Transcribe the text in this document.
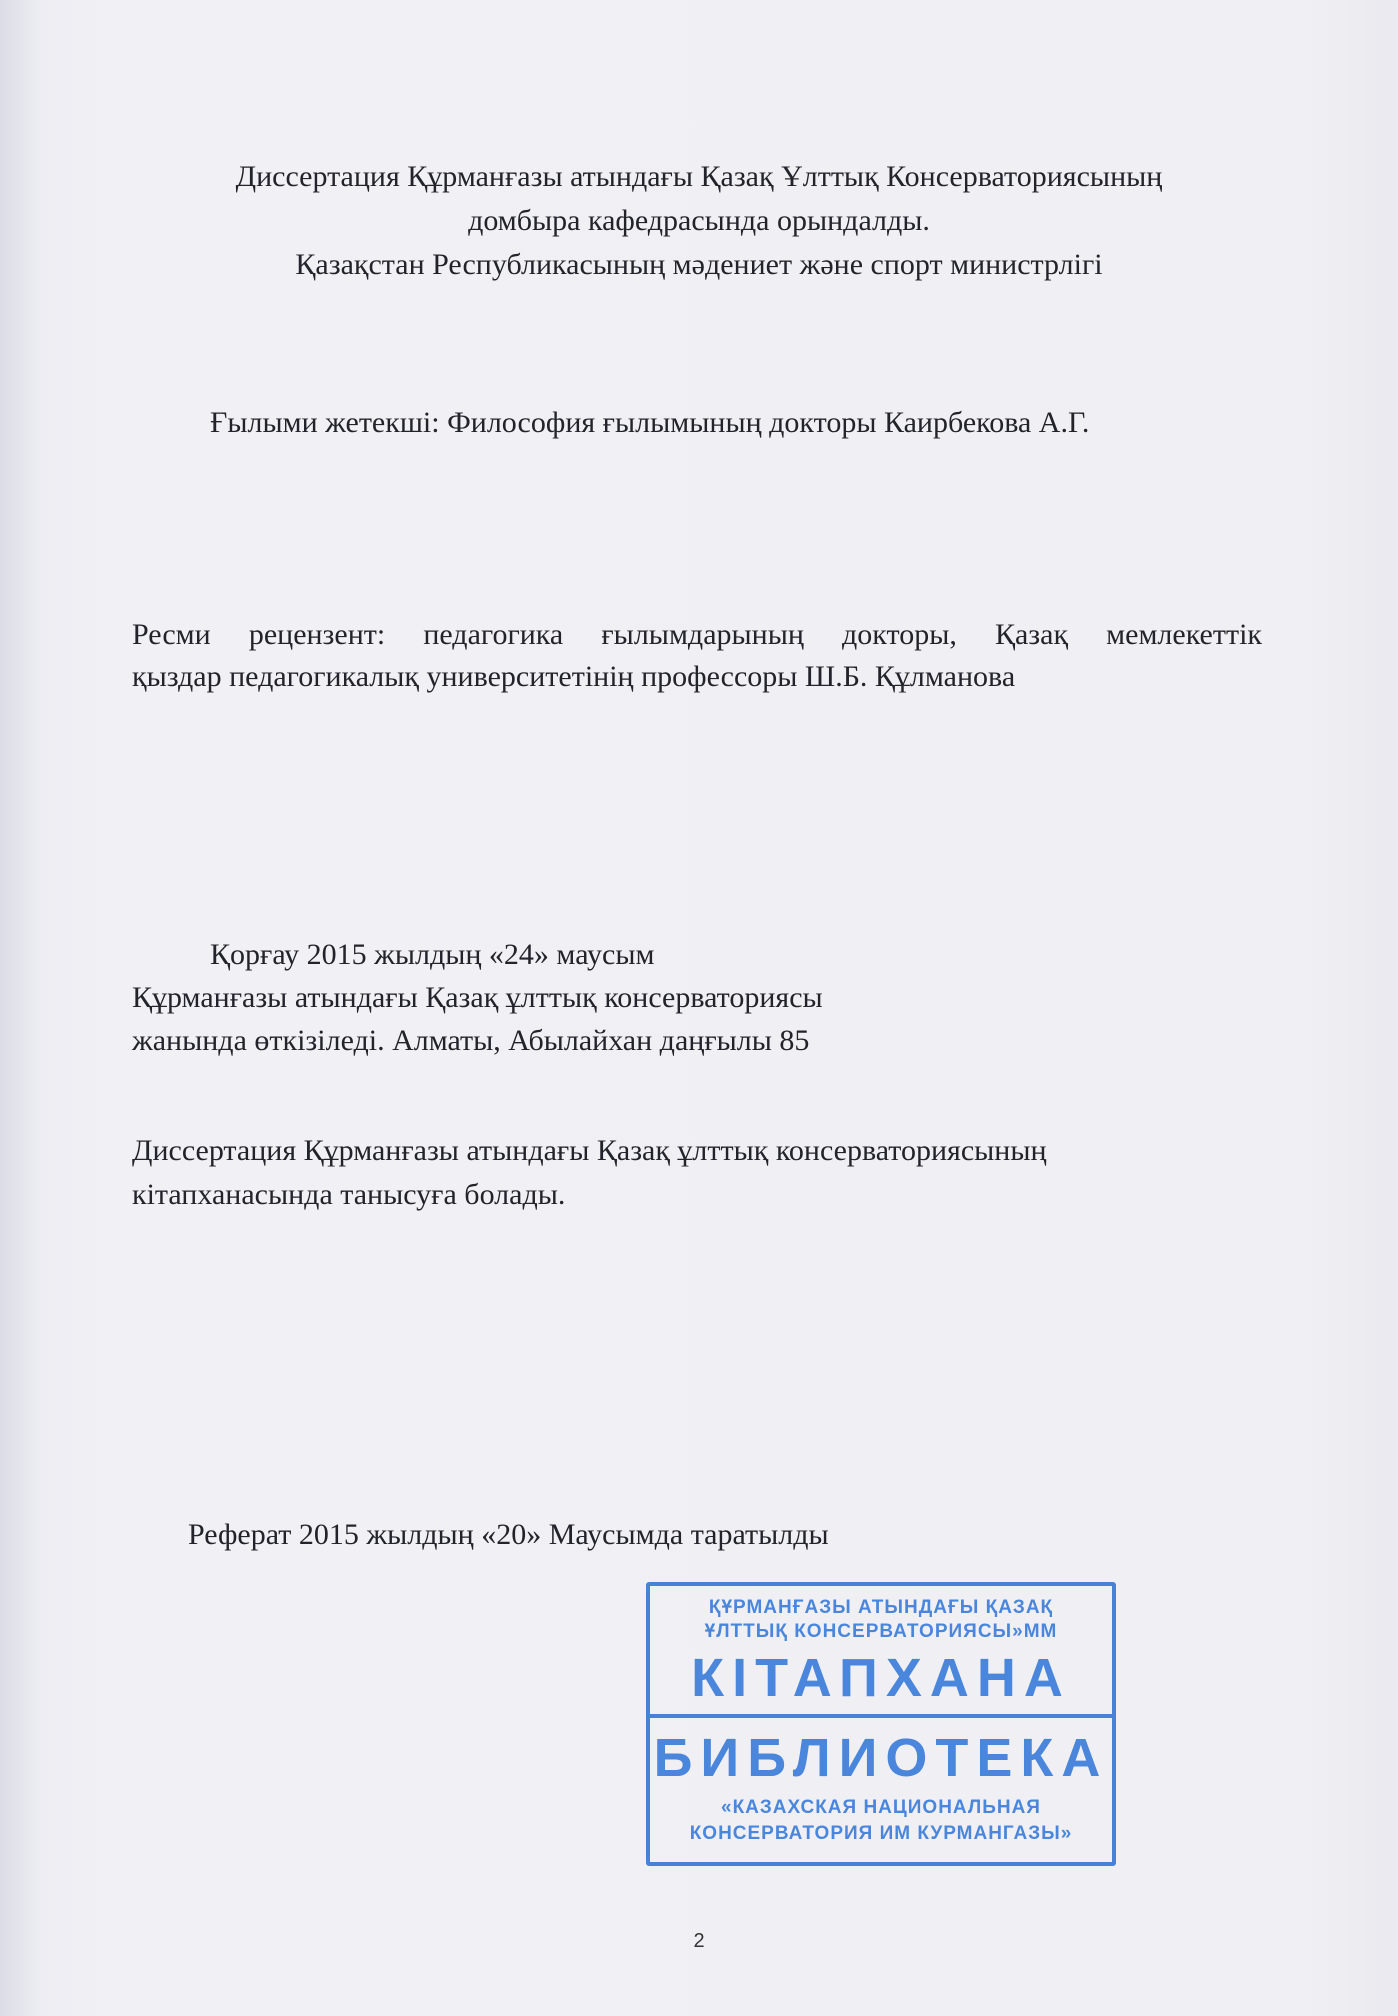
Диссертация Құрманғазы атындағы Қазақ Ұлттық Консерваториясының
домбыра кафедрасында орындалды.
Қазақстан Республикасының мәдениет және спорт министрлігі
Ғылыми жетекші: Философия ғылымының докторы Каирбекова А.Г.
Ресми рецензент: педагогика ғылымдарының докторы, Қазақ мемлекеттік
қыздар педагогикалық университетінің профессоры Ш.Б. Құлманова
Қорғау 2015 жылдың «24» маусым
Құрманғазы атындағы Қазақ ұлттық консерваториясы
жанында өткізіледі. Алматы, Абылайхан даңғылы 85
Диссертация Құрманғазы атындағы Қазақ ұлттық консерваториясының
кітапханасында танысуға болады.
Реферат 2015 жылдың «20» Маусымда таратылды
ҚҰРМАНҒАЗЫ АТЫНДАҒЫ ҚАЗАҚ
ҰЛТТЫҚ КОНСЕРВАТОРИЯСЫ»ММ
КІТАПХАНА
БИБЛИОТЕКА
«КАЗАХСКАЯ НАЦИОНАЛЬНАЯ
КОНСЕРВАТОРИЯ ИМ КУРМАНГАЗЫ»
2
